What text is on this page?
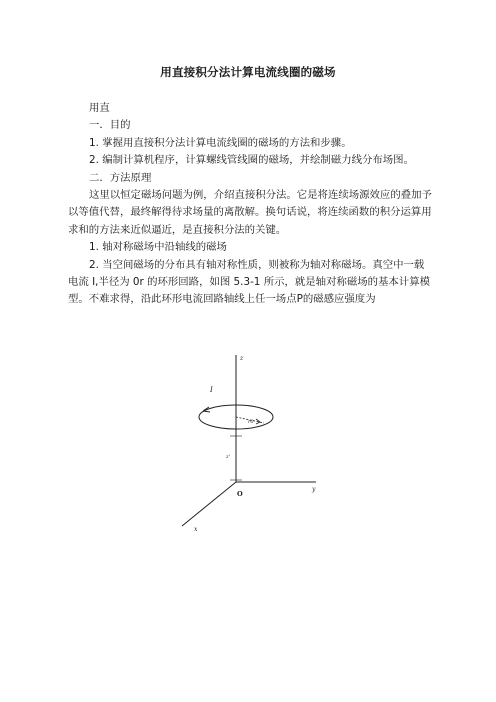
用直接积分法计算电流线圈的磁场

用直

一．目的

1. 掌握用直接积分法计算电流线圈的磁场的方法和步骤。

2. 编制计算机程序，计算螺线管线圈的磁场，并绘制磁力线分布场图。

二．方法原理

这里以恒定磁场问题为例，介绍直接积分法。它是将连续场源效应的叠加予以等值代替，最终解得待求场量的离散解。换句话说，将连续函数的积分运算用求和的方法来近似逼近，是直接积分法的关键。

1. 轴对称磁场中沿轴线的磁场

2. 当空间磁场的分布具有轴对称性质，则被称为轴对称磁场。真空中一载电流 I,半径为 0r 的环形回路，如图 5.3-1 所示，就是轴对称磁场的基本计算模型。不难求得，沿此环形电流回路轴线上任一场点P的磁感应强度为

z
I
r0
z'
O
y
x
